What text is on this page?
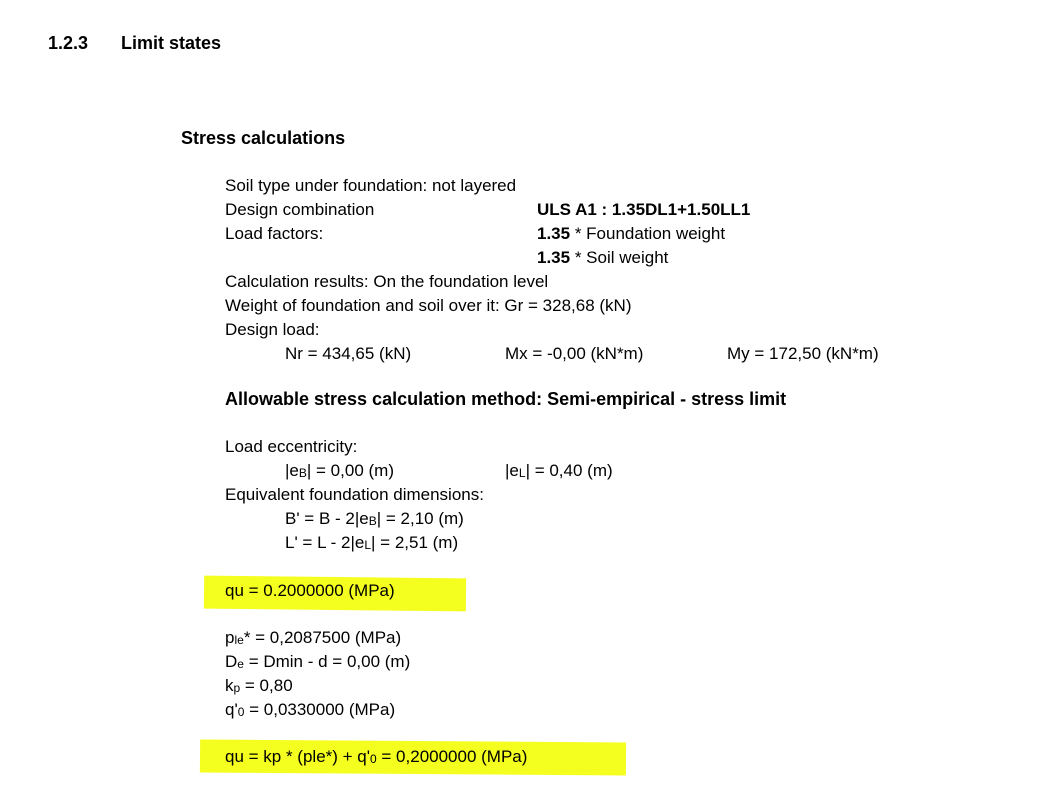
1.2.3 Limit states
Stress calculations
Soil type under foundation: not layered
Design combination	ULS A1 : 1.35DL1+1.50LL1
Load factors:	1.35 * Foundation weight
1.35 * Soil weight
Calculation results: On the foundation level
Weight of foundation and soil over it: Gr = 328,68 (kN)
Design load:
Nr = 434,65 (kN)	Mx = -0,00 (kN*m)	My = 172,50 (kN*m)
Allowable stress calculation method: Semi-empirical - stress limit
Load eccentricity:
|eB| = 0,00 (m)	|eL| = 0,40 (m)
Equivalent foundation dimensions:
B' = B - 2|eB| = 2,10 (m)
L' = L - 2|eL| = 2,51 (m)
qu = 0.2000000 (MPa)
ple* = 0,2087500 (MPa)
De = Dmin - d = 0,00 (m)
kp = 0,80
q'0 = 0,0330000 (MPa)
qu = kp * (ple*) + q'0 = 0,2000000 (MPa)
